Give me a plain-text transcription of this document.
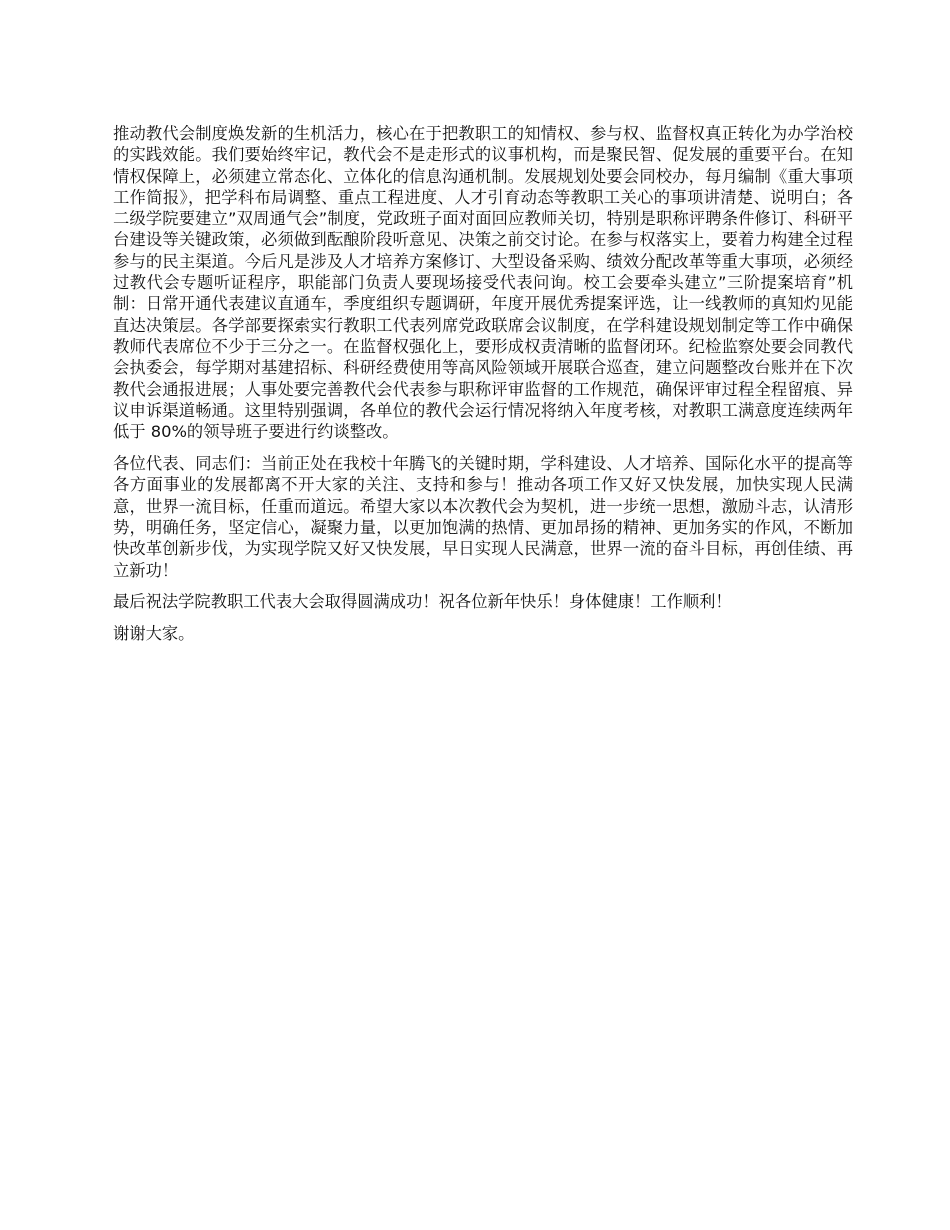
推动教代会制度焕发新的生机活力，核心在于把教职工的知情权、参与权、监督权真正转化为办学治校的实践效能。我们要始终牢记，教代会不是走形式的议事机构，而是聚民智、促发展的重要平台。在知情权保障上，必须建立常态化、立体化的信息沟通机制。发展规划处要会同校办，每月编制《重大事项工作简报》，把学科布局调整、重点工程进度、人才引育动态等教职工关心的事项讲清楚、说明白；各二级学院要建立”双周通气会”制度，党政班子面对面回应教师关切，特别是职称评聘条件修订、科研平台建设等关键政策，必须做到酝酿阶段听意见、决策之前交讨论。在参与权落实上，要着力构建全过程参与的民主渠道。今后凡是涉及人才培养方案修订、大型设备采购、绩效分配改革等重大事项，必须经过教代会专题听证程序，职能部门负责人要现场接受代表问询。校工会要牵头建立”三阶提案培育”机制：日常开通代表建议直通车，季度组织专题调研，年度开展优秀提案评选，让一线教师的真知灼见能直达决策层。各学部要探索实行教职工代表列席党政联席会议制度，在学科建设规划制定等工作中确保教师代表席位不少于三分之一。在监督权强化上，要形成权责清晰的监督闭环。纪检监察处要会同教代会执委会，每学期对基建招标、科研经费使用等高风险领域开展联合巡查，建立问题整改台账并在下次教代会通报进展；人事处要完善教代会代表参与职称评审监督的工作规范，确保评审过程全程留痕、异议申诉渠道畅通。这里特别强调，各单位的教代会运行情况将纳入年度考核，对教职工满意度连续两年低于 80%的领导班子要进行约谈整改。

各位代表、同志们：当前正处在我校十年腾飞的关键时期，学科建设、人才培养、国际化水平的提高等各方面事业的发展都离不开大家的关注、支持和参与！推动各项工作又好又快发展，加快实现人民满意，世界一流目标，任重而道远。希望大家以本次教代会为契机，进一步统一思想，激励斗志，认清形势，明确任务，坚定信心，凝聚力量，以更加饱满的热情、更加昂扬的精神、更加务实的作风，不断加快改革创新步伐，为实现学院又好又快发展，早日实现人民满意，世界一流的奋斗目标，再创佳绩、再立新功！

最后祝法学院教职工代表大会取得圆满成功！祝各位新年快乐！身体健康！工作顺利！

谢谢大家。
